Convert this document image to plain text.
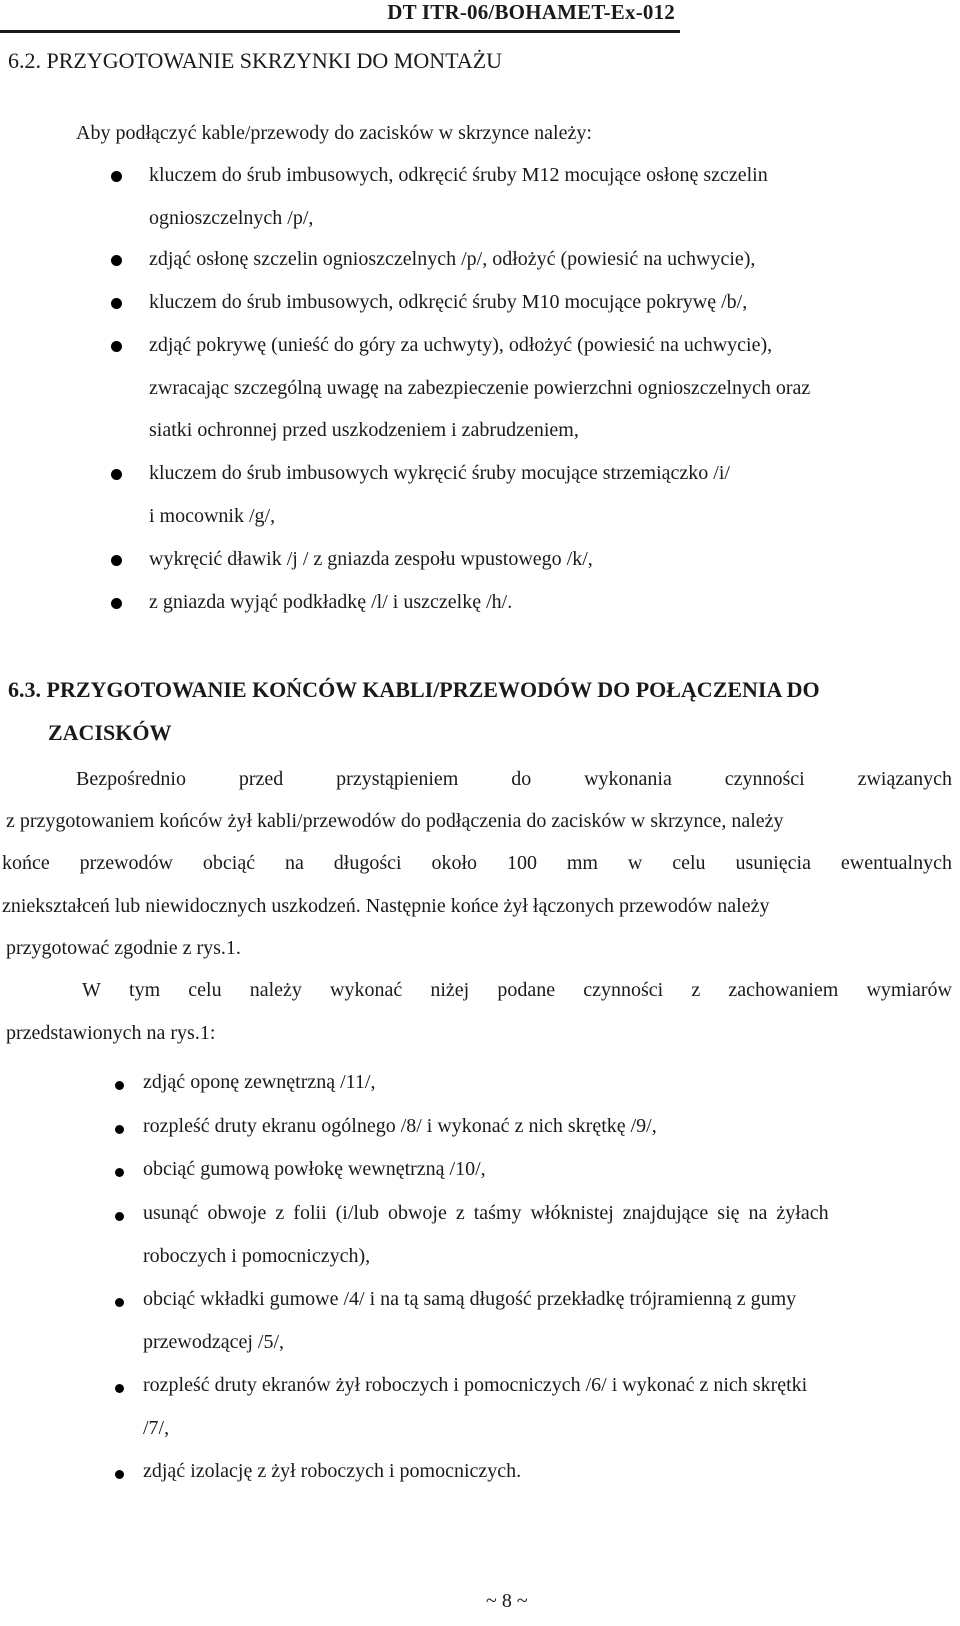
DT ITR-06/BOHAMET-Ex-012
6.2. PRZYGOTOWANIE SKRZYNKI DO MONTAŻU
Aby podłączyć kable/przewody do zacisków w skrzynce należy:
kluczem do śrub imbusowych, odkręcić śruby M12 mocujące osłonę szczelin
ognioszczelnych /p/,
zdjąć osłonę szczelin ognioszczelnych /p/, odłożyć (powiesić na uchwycie),
kluczem do śrub imbusowych, odkręcić śruby M10 mocujące pokrywę /b/,
zdjąć pokrywę (unieść do góry za uchwyty), odłożyć (powiesić na uchwycie),
zwracając szczególną uwagę na zabezpieczenie powierzchni ognioszczelnych oraz
siatki ochronnej przed uszkodzeniem i zabrudzeniem,
kluczem do śrub imbusowych wykręcić śruby mocujące strzemiączko /i/
i mocownik /g/,
wykręcić dławik /j / z gniazda zespołu wpustowego /k/,
z gniazda wyjąć podkładkę /l/ i uszczelkę /h/.
6.3. PRZYGOTOWANIE KOŃCÓW KABLI/PRZEWODÓW DO POŁĄCZENIA DO
ZACISKÓW
Bezpośrednio	przed	przystąpieniem	do	wykonania	czynności	związanych
z przygotowaniem końców żył kabli/przewodów do podłączenia do zacisków w skrzynce, należy
końce przewodów obciąć na długości około 100 mm w celu usunięcia ewentualnych
zniekształceń lub niewidocznych uszkodzeń. Następnie końce żył łączonych przewodów należy
przygotować zgodnie z rys.1.
W tym celu należy wykonać niżej podane czynności z zachowaniem wymiarów
przedstawionych na rys.1:
zdjąć oponę zewnętrzną /11/,
rozpleść druty ekranu ogólnego /8/ i wykonać z nich skrętkę /9/,
obciąć gumową powłokę wewnętrzną /10/,
usunąć obwoje z folii (i/lub obwoje z taśmy włóknistej znajdujące się na żyłach
roboczych i pomocniczych),
obciąć wkładki gumowe /4/ i na tą samą długość przekładkę trójramienną z gumy
przewodzącej /5/,
rozpleść druty ekranów żył roboczych i pomocniczych /6/ i wykonać z nich skrętki
/7/,
zdjąć izolację z żył roboczych i pomocniczych.
~ 8 ~
